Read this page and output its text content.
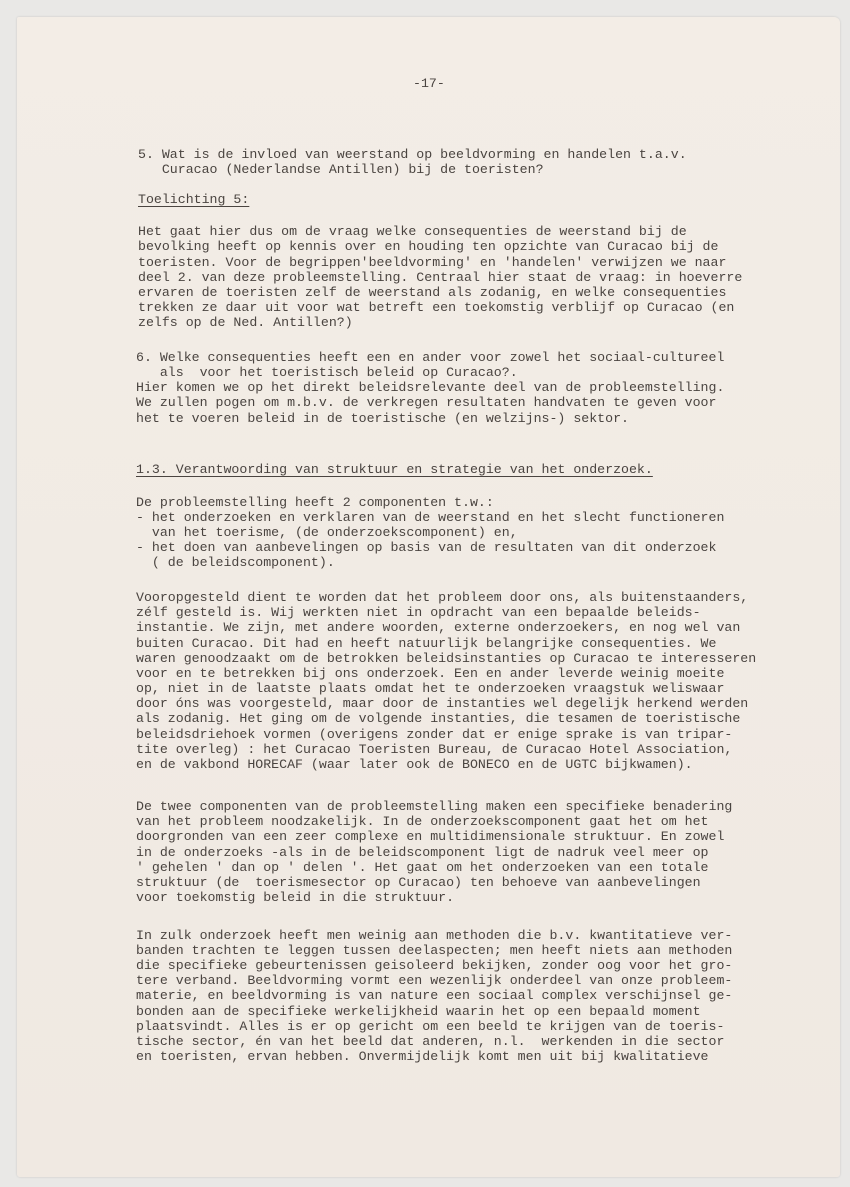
-17-
5. Wat is de invloed van weerstand op beeldvorming en handelen t.a.v.
Curacao (Nederlandse Antillen) bij de toeristen?
Toelichting 5:
Het gaat hier dus om de vraag welke consequenties de weerstand bij de
bevolking heeft op kennis over en houding ten opzichte van Curacao bij de
toeristen. Voor de begrippen'beeldvorming' en 'handelen' verwijzen we naar
deel 2. van deze probleemstelling. Centraal hier staat de vraag: in hoeverre
ervaren de toeristen zelf de weerstand als zodanig, en welke consequenties
trekken ze daar uit voor wat betreft een toekomstig verblijf op Curacao (en
zelfs op de Ned. Antillen?)
6. Welke consequenties heeft een en ander voor zowel het sociaal-cultureel
als  voor het toeristisch beleid op Curacao?.
Hier komen we op het direkt beleidsrelevante deel van de probleemstelling.
We zullen pogen om m.b.v. de verkregen resultaten handvaten te geven voor
het te voeren beleid in de toeristische (en welzijns-) sektor.
1.3. Verantwoording van struktuur en strategie van het onderzoek.
De probleemstelling heeft 2 componenten t.w.:
- het onderzoeken en verklaren van de weerstand en het slecht functioneren
van het toerisme, (de onderzoekscomponent) en,
- het doen van aanbevelingen op basis van de resultaten van dit onderzoek
( de beleidscomponent).
Vooropgesteld dient te worden dat het probleem door ons, als buitenstaanders,
zélf gesteld is. Wij werkten niet in opdracht van een bepaalde beleids-
instantie. We zijn, met andere woorden, externe onderzoekers, en nog wel van
buiten Curacao. Dit had en heeft natuurlijk belangrijke consequenties. We
waren genoodzaakt om de betrokken beleidsinstanties op Curacao te interesseren
voor en te betrekken bij ons onderzoek. Een en ander leverde weinig moeite
op, niet in de laatste plaats omdat het te onderzoeken vraagstuk weliswaar
door óns was voorgesteld, maar door de instanties wel degelijk herkend werden
als zodanig. Het ging om de volgende instanties, die tesamen de toeristische
beleidsdriehoek vormen (overigens zonder dat er enige sprake is van tripar-
tite overleg) : het Curacao Toeristen Bureau, de Curacao Hotel Association,
en de vakbond HORECAF (waar later ook de BONECO en de UGTC bijkwamen).
De twee componenten van de probleemstelling maken een specifieke benadering
van het probleem noodzakelijk. In de onderzoekscomponent gaat het om het
doorgronden van een zeer complexe en multidimensionale struktuur. En zowel
in de onderzoeks -als in de beleidscomponent ligt de nadruk veel meer op
' gehelen ' dan op ' delen '. Het gaat om het onderzoeken van een totale
struktuur (de  toerismesector op Curacao) ten behoeve van aanbevelingen
voor toekomstig beleid in die struktuur.
In zulk onderzoek heeft men weinig aan methoden die b.v. kwantitatieve ver-
banden trachten te leggen tussen deelaspecten; men heeft niets aan methoden
die specifieke gebeurtenissen geisoleerd bekijken, zonder oog voor het gro-
tere verband. Beeldvorming vormt een wezenlijk onderdeel van onze probleem-
materie, en beeldvorming is van nature een sociaal complex verschijnsel ge-
bonden aan de specifieke werkelijkheid waarin het op een bepaald moment
plaatsvindt. Alles is er op gericht om een beeld te krijgen van de toeris-
tische sector, én van het beeld dat anderen, n.l.  werkenden in die sector
en toeristen, ervan hebben. Onvermijdelijk komt men uit bij kwalitatieve
